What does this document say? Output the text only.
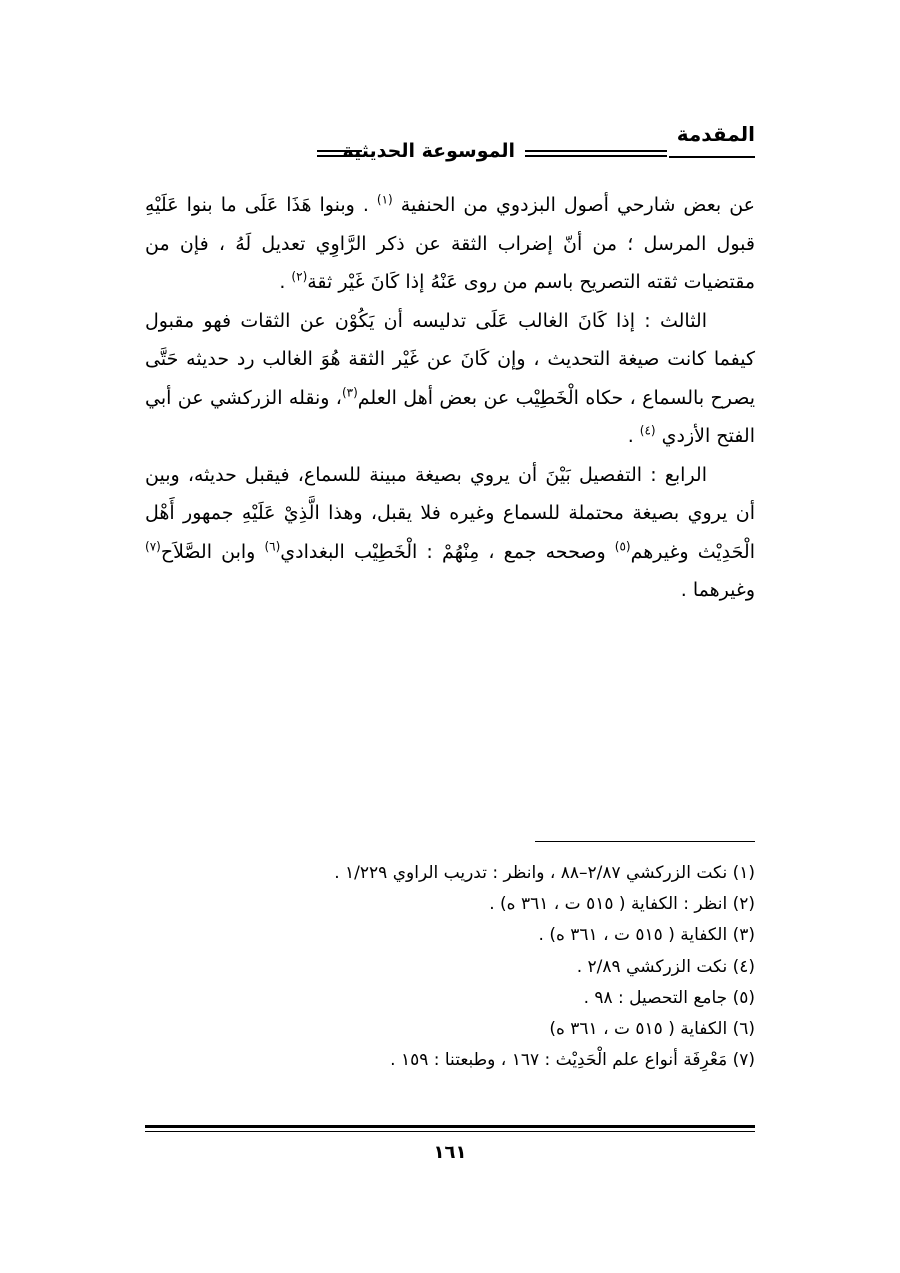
المقدمة
الموسوعة الحديثية

عن بعض شارحي أصول البزدوي من الحنفية $^{(١)}$ . وبنوا هَذَا عَلَى ما بنوا عَلَيْهِ قبول المرسل ؛ من أنّ إضراب الثقة عن ذكر الرَّاوِي تعديل لَهُ ، فإن من مقتضيات ثقته التصريح باسم من روى عَنْهُ إذا كَانَ غَيْر ثقة$^{(٢)}$ .

الثالث : إذا كَانَ الغالب عَلَى تدليسه أن يَكُوْن عن الثقات فهو مقبول كيفما كانت صيغة التحديث ، وإن كَانَ عن غَيْر الثقة هُوَ الغالب رد حديثه حَتَّى يصرح بالسماع ، حكاه الْخَطِيْب عن بعض أهل العلم$^{(٣)}$، ونقله الزركشي عن أبي الفتح الأزدي $^{(٤)}$ .

الرابع : التفصيل بَيْنَ أن يروي بصيغة مبينة للسماع، فيقبل حديثه، وبين أن يروي بصيغة محتملة للسماع وغيره فلا يقبل، وهذا الَّذِيْ عَلَيْهِ جمهور أَهْل الْحَدِيْث وغيرهم$^{(٥)}$ وصححه جمع ، مِنْهُمْ : الْخَطِيْب البغدادي$^{(٦)}$ وابن الصَّلاَح$^{(٧)}$ وغيرهما .

(١) نكت الزركشي ٢/٨٧–٨٨ ، وانظر : تدريب الراوي ١/٢٢٩ .
(٢) انظر : الكفاية ( ٥١٥ ت ، ٣٦١ ه) .
(٣) الكفاية ( ٥١٥ ت ، ٣٦١ ه) .
(٤) نكت الزركشي ٢/٨٩ .
(٥) جامع التحصيل : ٩٨ .
(٦) الكفاية ( ٥١٥ ت ، ٣٦١ ه)
(٧) مَعْرِفَة أنواع علم الْحَدِيْث : ١٦٧ ، وطبعتنا : ١٥٩ .
١٦١
